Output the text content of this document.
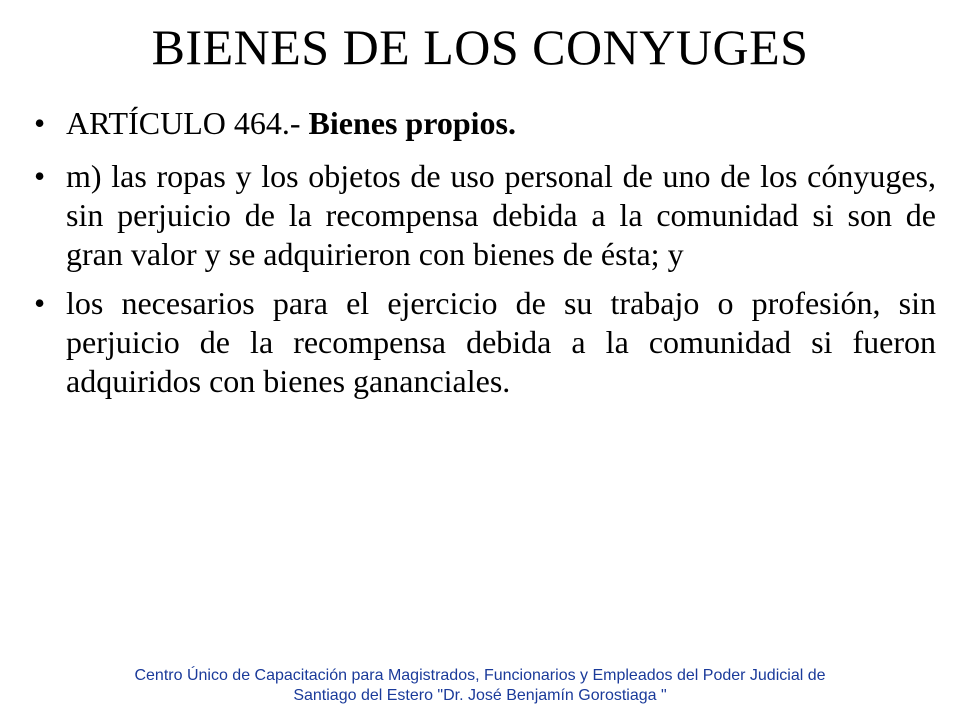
BIENES DE LOS CONYUGES
• ARTÍCULO 464.- Bienes propios.
• m) las ropas y los objetos de uso personal de uno de los cónyuges, sin perjuicio de la recompensa debida a la comunidad si son de gran valor y se adquirieron con bienes de ésta; y
• los necesarios para el ejercicio de su trabajo o profesión, sin perjuicio de la recompensa debida a la comunidad si fueron adquiridos con bienes gananciales.
Centro Único de Capacitación para Magistrados, Funcionarios y Empleados del Poder Judicial de
Santiago del Estero "Dr. José Benjamín Gorostiaga "
